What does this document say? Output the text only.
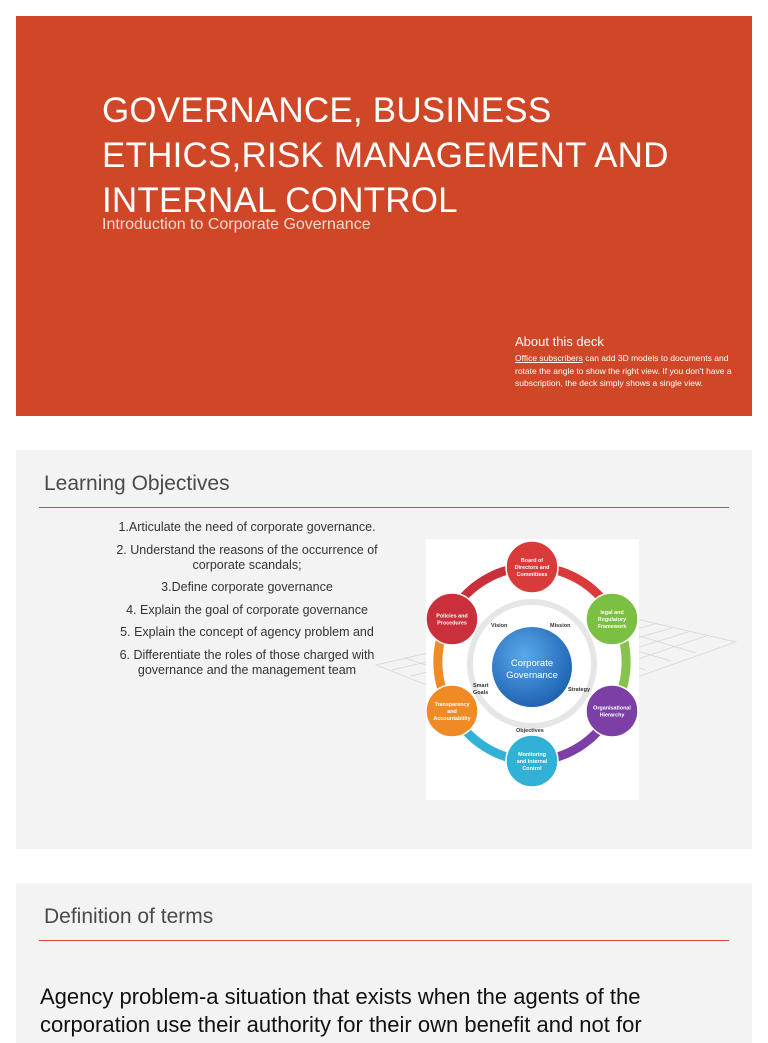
GOVERNANCE, BUSINESS ETHICS,RISK MANAGEMENT AND INTERNAL CONTROL

Introduction to Corporate Governance

About this deck
Office subscribers can add 3D models to documents and rotate the angle to show the right view. If you don't have a subscription, the deck simply shows a single view.
Learning Objectives
1.Articulate the need of corporate governance.
2. Understand the reasons of the occurrence of corporate scandals;
3.Define corporate governance
4. Explain the goal of corporate governance
5. Explain the concept of agency problem and
6. Differentiate the roles of those charged with governance and the management team	Corporate
Governance
Vision	Mission
Strategy
Objectives
Smart
Goals
Board of
Directors and
Committees
legal and
Regulatory
Framework
Organisational
Hierarchy
Monitoring
and Internal
Control
Transparency
and
Accountability
Policies and
Procedures
Definition of terms

Agency problem-a situation that exists when the agents of the corporation use their authority for their own benefit and not for
